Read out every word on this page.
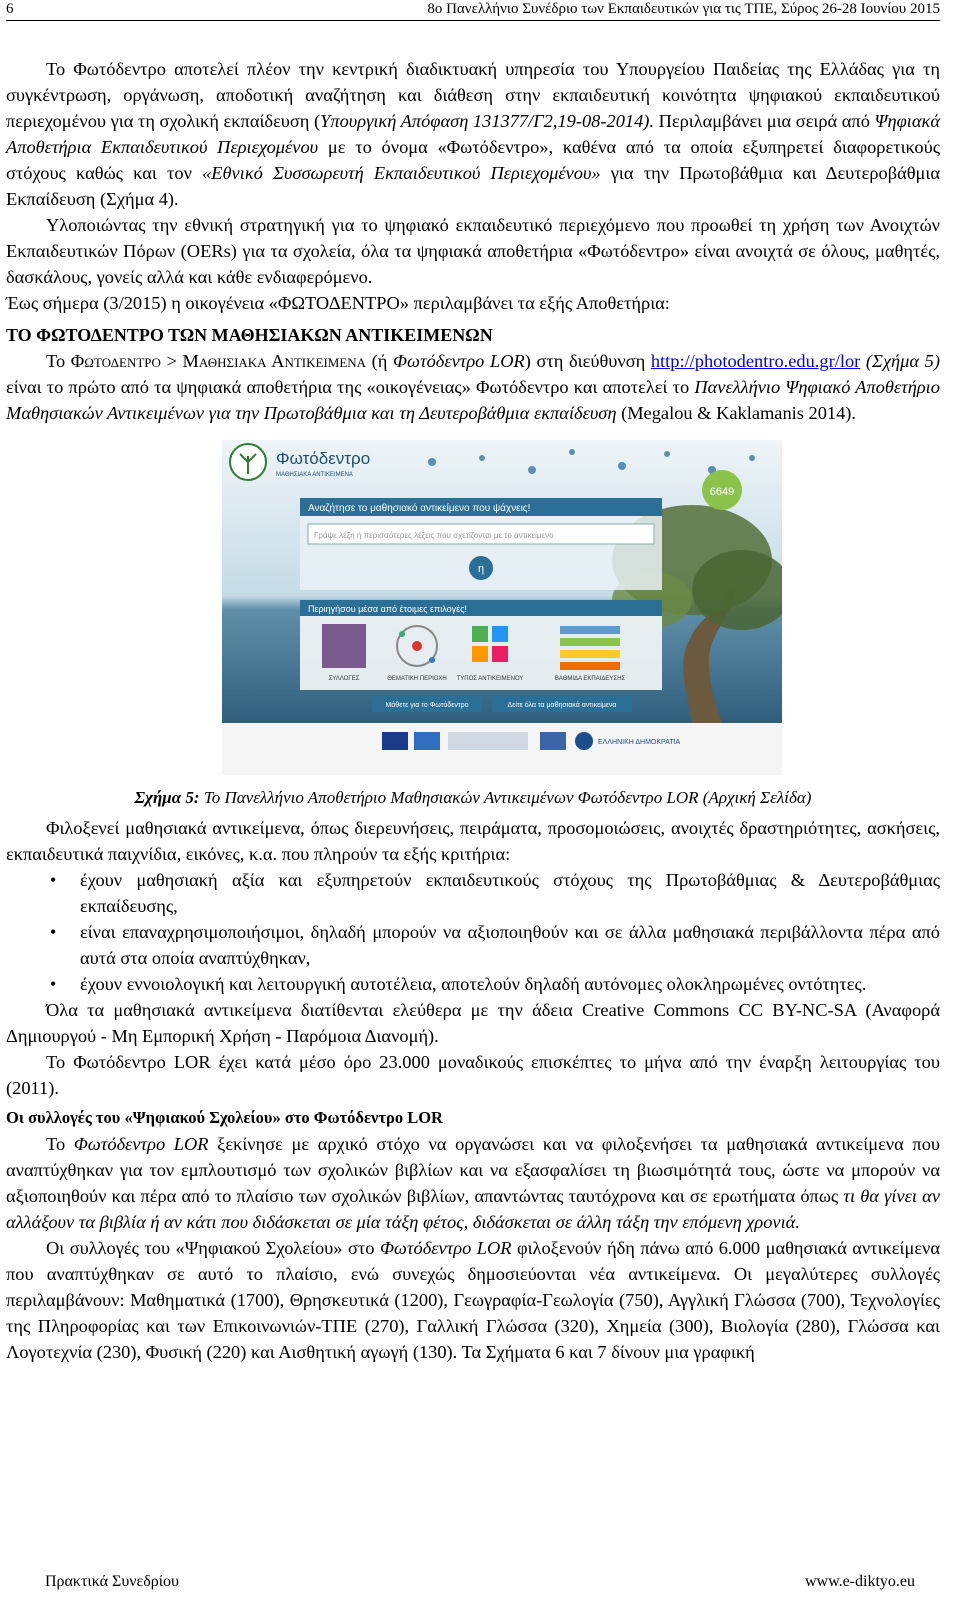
6	8ο Πανελλήνιο Συνέδριο των Εκπαιδευτικών για τις ΤΠΕ, Σύρος 26-28 Ιουνίου 2015

Το Φωτόδεντρο αποτελεί πλέον την κεντρική διαδικτυακή υπηρεσία του Υπουργείου Παιδείας της Ελλάδας για τη συγκέντρωση, οργάνωση, αποδοτική αναζήτηση και διάθεση στην εκπαιδευτική κοινότητα ψηφιακού εκπαιδευτικού περιεχομένου για τη σχολική εκπαίδευση (Υπουργική Απόφαση 131377/Γ2,19-08-2014). Περιλαμβάνει μια σειρά από Ψηφιακά Αποθετήρια Εκπαιδευτικού Περιεχομένου με το όνομα «Φωτόδεντρο», καθένα από τα οποία εξυπηρετεί διαφορετικούς στόχους καθώς και τον «Εθνικό Συσσωρευτή Εκπαιδευτικού Περιεχομένου» για την Πρωτοβάθμια και Δευτεροβάθμια Εκπαίδευση (Σχήμα 4).

Υλοποιώντας την εθνική στρατηγική για το ψηφιακό εκπαιδευτικό περιεχόμενο που προωθεί τη χρήση των Ανοιχτών Εκπαιδευτικών Πόρων (OERs) για τα σχολεία, όλα τα ψηφιακά αποθετήρια «Φωτόδεντρο» είναι ανοιχτά σε όλους, μαθητές, δασκάλους, γονείς αλλά και κάθε ενδιαφερόμενο.

Έως σήμερα (3/2015) η οικογένεια «ΦΩΤΟΔΕΝΤΡΟ» περιλαμβάνει τα εξής Αποθετήρια:

ΤΟ ΦΩΤΟΔΕΝΤΡΟ ΤΩΝ ΜΑΘΗΣΙΑΚΩΝ ΑΝΤΙΚΕΙΜΕΝΩΝ

Το Φωτοδεντρο > Μαθησιακα Αντικειμενα (ή Φωτόδεντρο LOR) στη διεύθυνση http://photodentro.edu.gr/lor (Σχήμα 5) είναι το πρώτο από τα ψηφιακά αποθετήρια της «οικογένειας» Φωτόδεντρο και αποτελεί το Πανελλήνιο Ψηφιακό Αποθετήριο Μαθησιακών Αντικειμένων για την Πρωτοβάθμια και τη Δευτεροβάθμια εκπαίδευση (Megalou & Kaklamanis 2014).

Φωτόδεντρο
ΜΑΘΗΣΙΑΚΑ ΑΝΤΙΚΕΙΜΕΝΑ
6649
Αναζήτησε το μαθησιακό αντικείμενο που ψάχνεις!
Γράψε λέξη ή περισσότερες λέξεις που σχετίζονται με το αντικείμενο
η
Περιηγήσου μέσα από έτοιμες επιλογές!
ΣΥΛΛΟΓΕΣ	ΘΕΜΑΤΙΚΗ ΠΕΡΙΟΧΗ ΤΥΠΟΣ ΑΝΤΙΚΕΙΜΕΝΟΥ	ΒΑΘΜΙΔΑ ΕΚΠΑΙΔΕΥΣΗΣ
Μάθετε για το Φωτόδεντρο	Δείτε όλα τα μαθησιακά αντικείμενα
ΕΛΛΗΝΙΚΗ ΔΗΜΟΚΡΑΤΙΑ
Σχήμα 5: Το Πανελλήνιο Αποθετήριο Μαθησιακών Αντικειμένων Φωτόδεντρο LOR (Αρχική Σελίδα)

Φιλοξενεί μαθησιακά αντικείμενα, όπως διερευνήσεις, πειράματα, προσομοιώσεις, ανοιχτές δραστηριότητες, ασκήσεις, εκπαιδευτικά παιχνίδια, εικόνες, κ.α. που πληρούν τα εξής κριτήρια:

• έχουν μαθησιακή αξία και εξυπηρετούν εκπαιδευτικούς στόχους της Πρωτοβάθμιας & Δευτεροβάθμιας εκπαίδευσης,
• είναι επαναχρησιμοποιήσιμοι, δηλαδή μπορούν να αξιοποιηθούν και σε άλλα μαθησιακά περιβάλλοντα πέρα από αυτά στα οποία αναπτύχθηκαν,
• έχουν εννοιολογική και λειτουργική αυτοτέλεια, αποτελούν δηλαδή αυτόνομες ολοκληρωμένες οντότητες.

Όλα τα μαθησιακά αντικείμενα διατίθενται ελεύθερα με την άδεια Creative Commons CC BY-NC-SA (Αναφορά Δημιουργού - Μη Εμπορική Χρήση - Παρόμοια Διανομή).

Το Φωτόδεντρο LOR έχει κατά μέσο όρο 23.000 μοναδικούς επισκέπτες το μήνα από την έναρξη λειτουργίας του (2011).

Οι συλλογές του «Ψηφιακού Σχολείου» στο Φωτόδεντρο LOR

Το Φωτόδεντρο LOR ξεκίνησε με αρχικό στόχο να οργανώσει και να φιλοξενήσει τα μαθησιακά αντικείμενα που αναπτύχθηκαν για τον εμπλουτισμό των σχολικών βιβλίων και να εξασφαλίσει τη βιωσιμότητά τους, ώστε να μπορούν να αξιοποιηθούν και πέρα από το πλαίσιο των σχολικών βιβλίων, απαντώντας ταυτόχρονα και σε ερωτήματα όπως τι θα γίνει αν αλλάξουν τα βιβλία ή αν κάτι που διδάσκεται σε μία τάξη φέτος, διδάσκεται σε άλλη τάξη την επόμενη χρονιά.

Οι συλλογές του «Ψηφιακού Σχολείου» στο Φωτόδεντρο LOR φιλοξενούν ήδη πάνω από 6.000 μαθησιακά αντικείμενα που αναπτύχθηκαν σε αυτό το πλαίσιο, ενώ συνεχώς δημοσιεύονται νέα αντικείμενα. Οι μεγαλύτερες συλλογές περιλαμβάνουν: Μαθηματικά (1700), Θρησκευτικά (1200), Γεωγραφία-Γεωλογία (750), Αγγλική Γλώσσα (700), Τεχνολογίες της Πληροφορίας και των Επικοινωνιών-ΤΠΕ (270), Γαλλική Γλώσσα (320), Χημεία (300), Βιολογία (280), Γλώσσα και Λογοτεχνία (230), Φυσική (220) και Αισθητική αγωγή (130). Τα Σχήματα 6 και 7 δίνουν μια γραφική

Πρακτικά Συνεδρίου	www.e-diktyo.eu
